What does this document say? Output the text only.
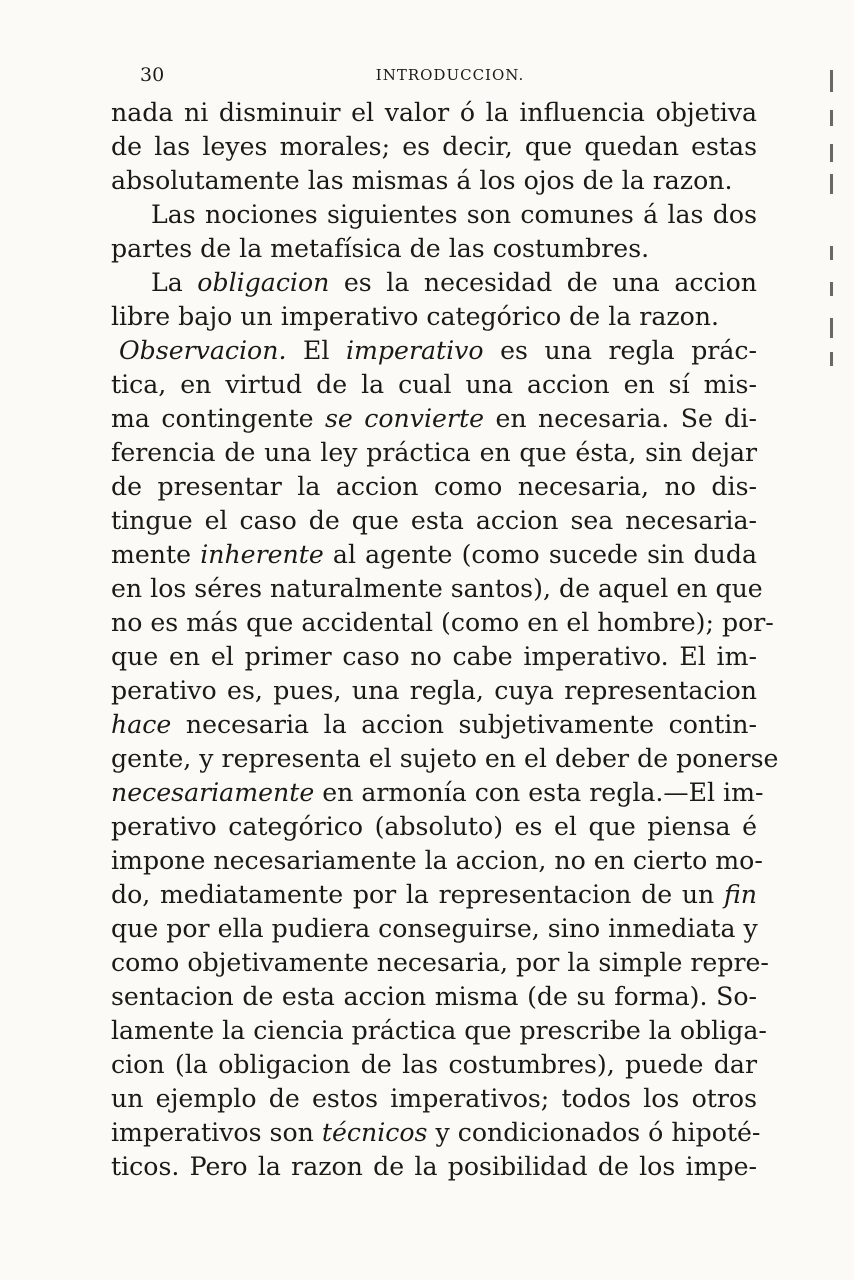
30	INTRODUCCION.
nada ni disminuir el valor ó la influencia objetiva
de las leyes morales; es decir, que quedan estas
absolutamente las mismas á los ojos de la razon.
Las nociones siguientes son comunes á las dos
partes de la metafísica de las costumbres.
La obligacion es la necesidad de una accion
libre bajo un imperativo categórico de la razon.
Observacion. El imperativo es una regla prác-
tica, en virtud de la cual una accion en sí mis-
ma contingente se convierte en necesaria. Se di-
ferencia de una ley práctica en que ésta, sin dejar
de presentar la accion como necesaria, no dis-
tingue el caso de que esta accion sea necesaria-
mente inherente al agente (como sucede sin duda
en los séres naturalmente santos), de aquel en que
no es más que accidental (como en el hombre); por-
que en el primer caso no cabe imperativo. El im-
perativo es, pues, una regla, cuya representacion
hace necesaria la accion subjetivamente contin-
gente, y representa el sujeto en el deber de ponerse
necesariamente en armonía con esta regla.—El im-
perativo categórico (absoluto) es el que piensa é
impone necesariamente la accion, no en cierto mo-
do, mediatamente por la representacion de un fin
que por ella pudiera conseguirse, sino inmediata y
como objetivamente necesaria, por la simple repre-
sentacion de esta accion misma (de su forma). So-
lamente la ciencia práctica que prescribe la obliga-
cion (la obligacion de las costumbres), puede dar
un ejemplo de estos imperativos; todos los otros
imperativos son técnicos y condicionados ó hipoté-
ticos. Pero la razon de la posibilidad de los impe-
